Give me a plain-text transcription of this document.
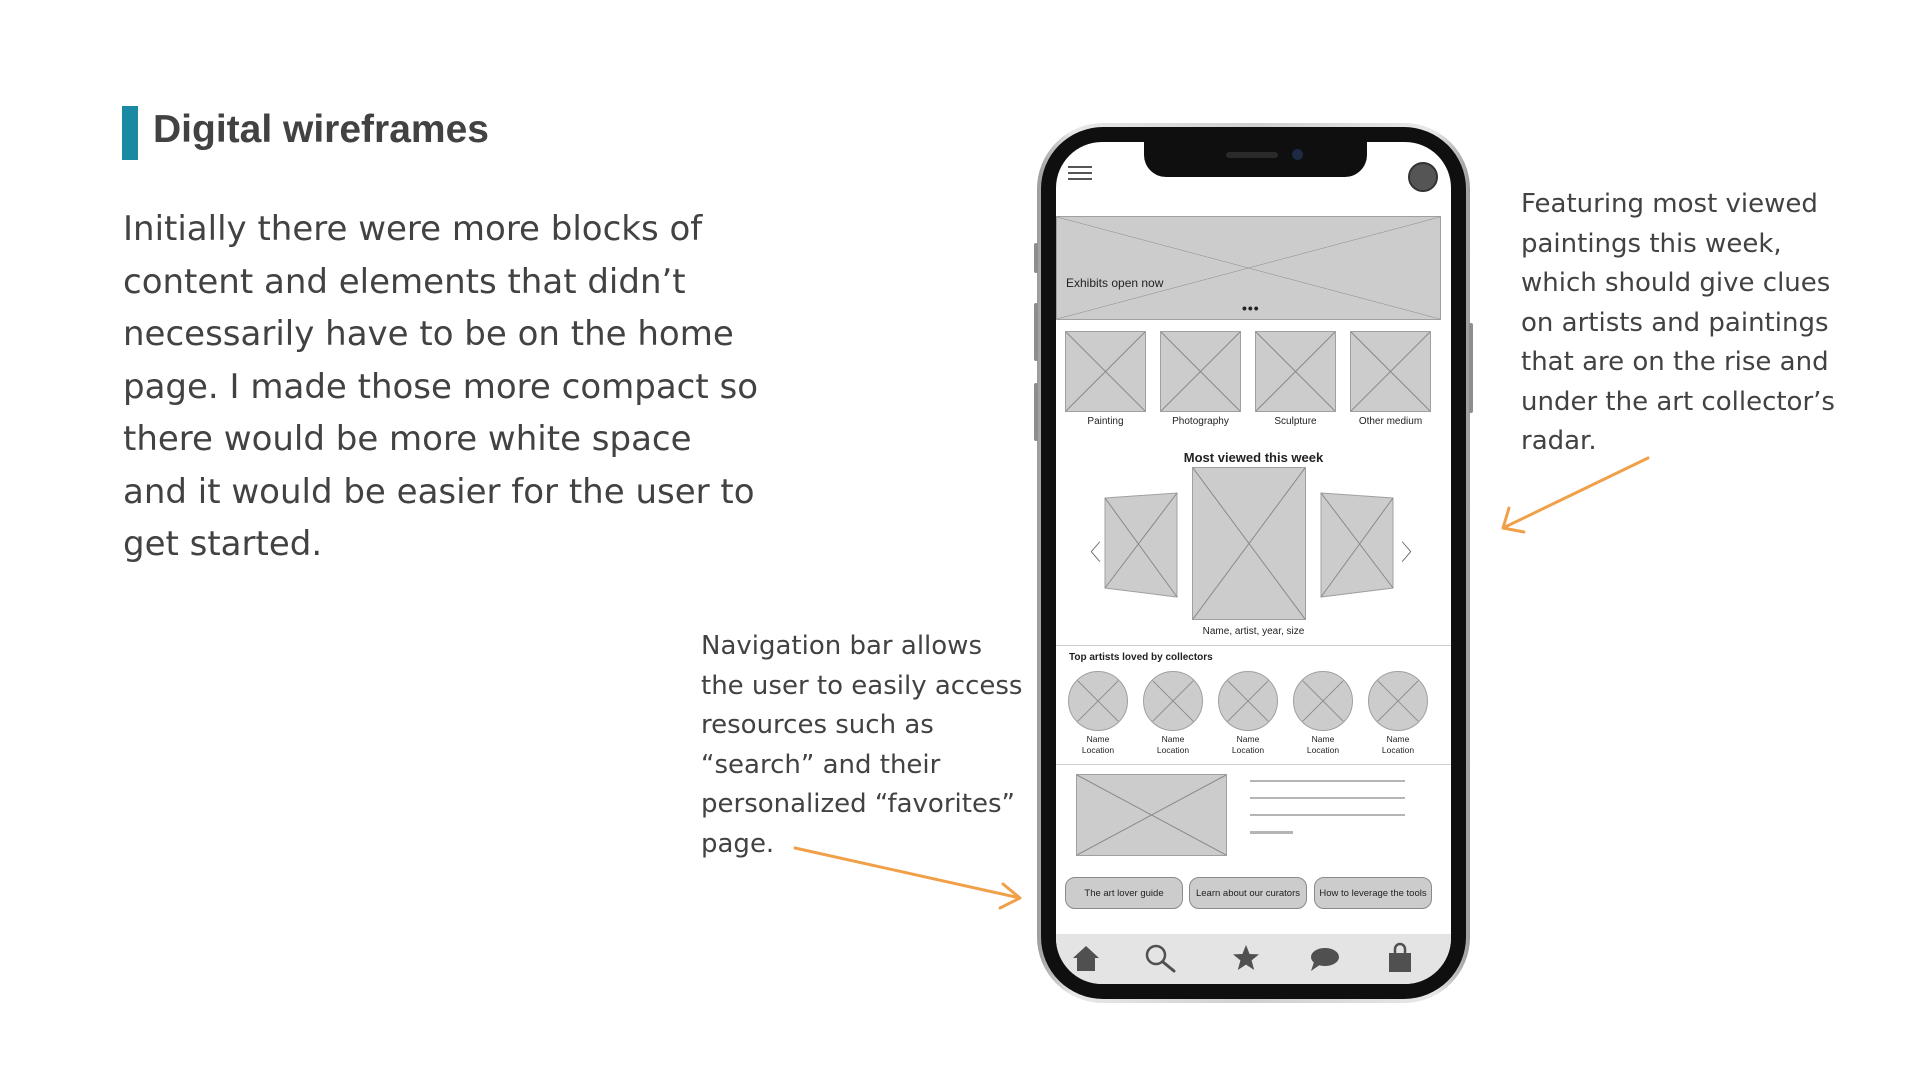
Digital wireframes
Initially there were more blocks of
content and elements that didn’t
necessarily have to be on the home
page. I made those more compact so
there would be more white space
and it would be easier for the user to
get started.
Navigation bar allows
the user to easily access
resources such as
“search” and their
personalized “favorites”
page.
Featuring most viewed
paintings this week,
which should give clues
on artists and paintings
that are on the rise and
under the art collector’s
radar.
Exhibits open now
•••
Painting	Photography	Sculpture	Other medium
Most viewed this week
〈	〉
Name, artist, year, size
Top artists loved by collectors
Name
Location
Name
Location
Name
Location
Name
Location
Name
Location
The art lover guide	Learn about our curators	How to leverage the tools
